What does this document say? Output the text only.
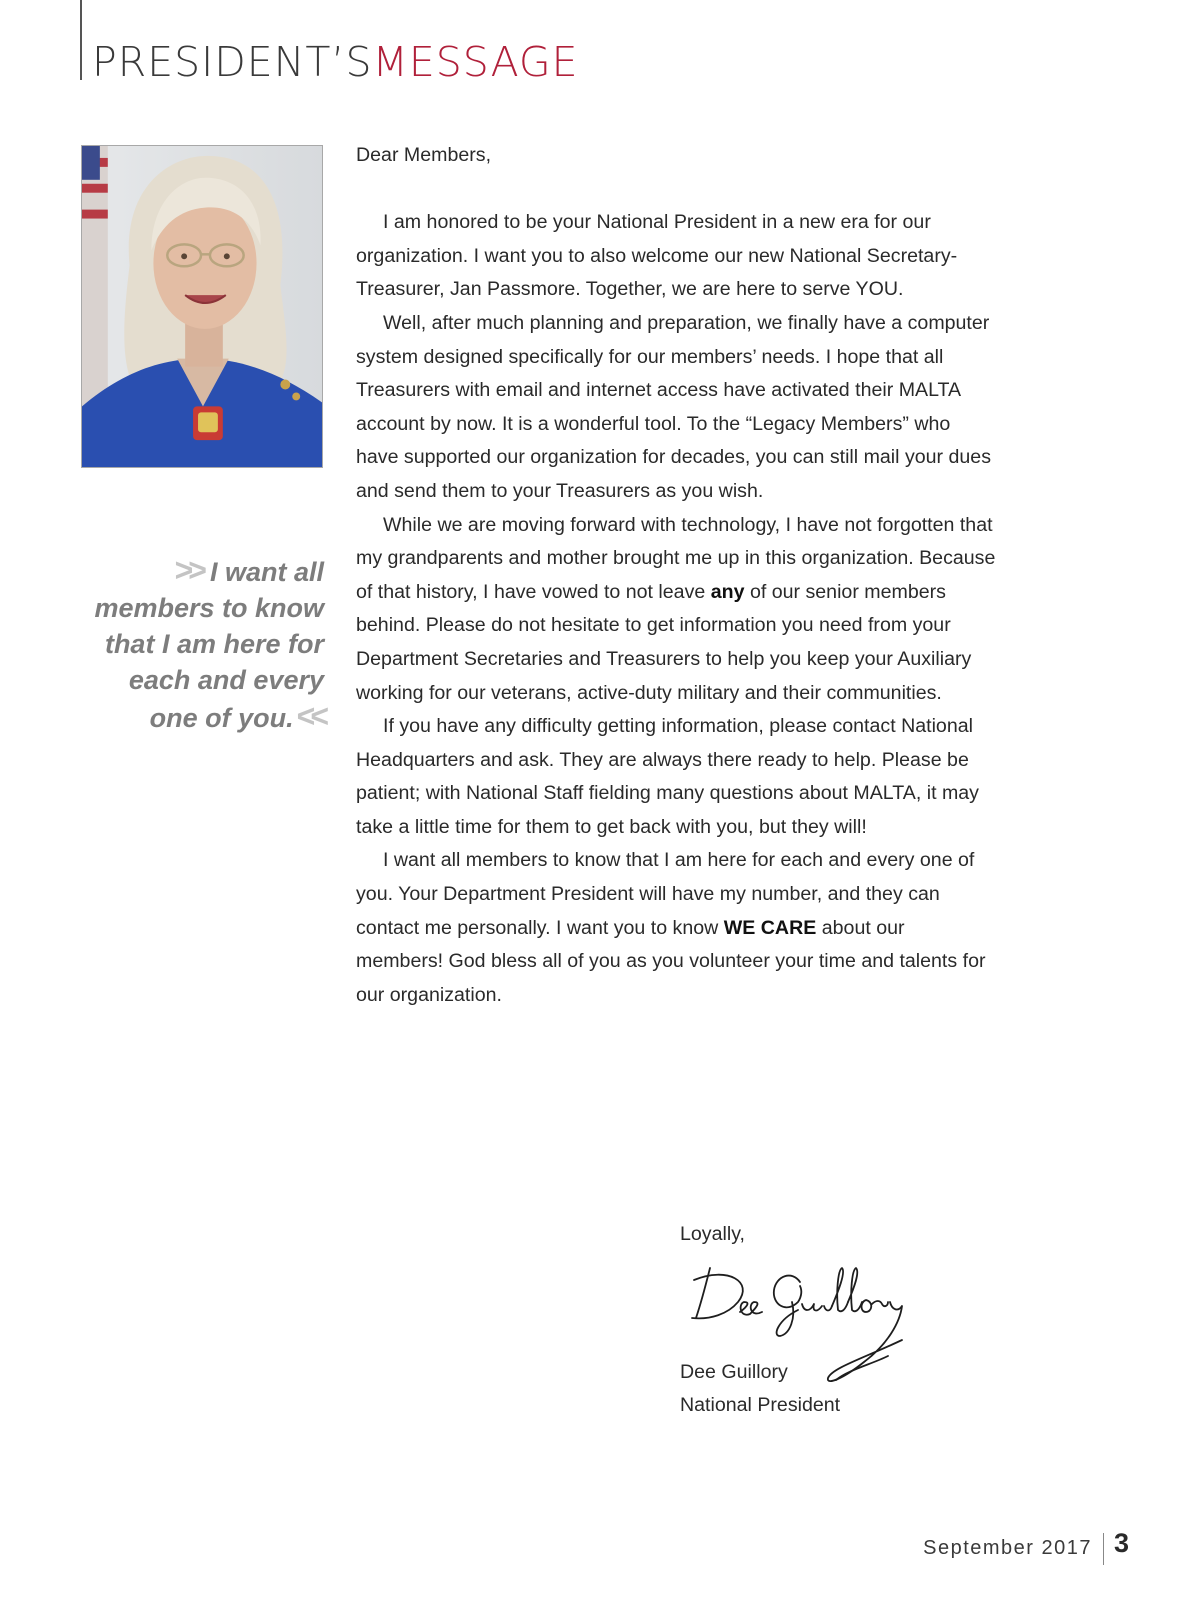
PRESIDENT’SMESSAGE
>> I want all members to know that I am here for each and every one of you.<<

Dear Members,

I am honored to be your National President in a new era for our organization. I want you to also welcome our new National Secretary-Treasurer, Jan Passmore. Together, we are here to serve YOU.

Well, after much planning and preparation, we finally have a computer system designed specifically for our members’ needs. I hope that all Treasurers with email and internet access have activated their MALTA account by now. It is a wonderful tool. To the “Legacy Members” who have supported our organization for decades, you can still mail your dues and send them to your Treasurers as you wish.

While we are moving forward with technology, I have not forgotten that my grandparents and mother brought me up in this organization. Because of that history, I have vowed to not leave any of our senior members behind. Please do not hesitate to get information you need from your Department Secretaries and Treasurers to help you keep your Auxiliary working for our veterans, active-duty military and their communities.

If you have any difficulty getting information, please contact National Headquarters and ask. They are always there ready to help. Please be patient; with National Staff fielding many questions about MALTA, it may take a little time for them to get back with you, but they will!

I want all members to know that I am here for each and every one of you. Your Department President will have my number, and they can contact me personally. I want you to know WE CARE about our members! God bless all of you as you volunteer your time and talents for our organization.

Loyally,
Dee Guillory
National President
September 2017 3
